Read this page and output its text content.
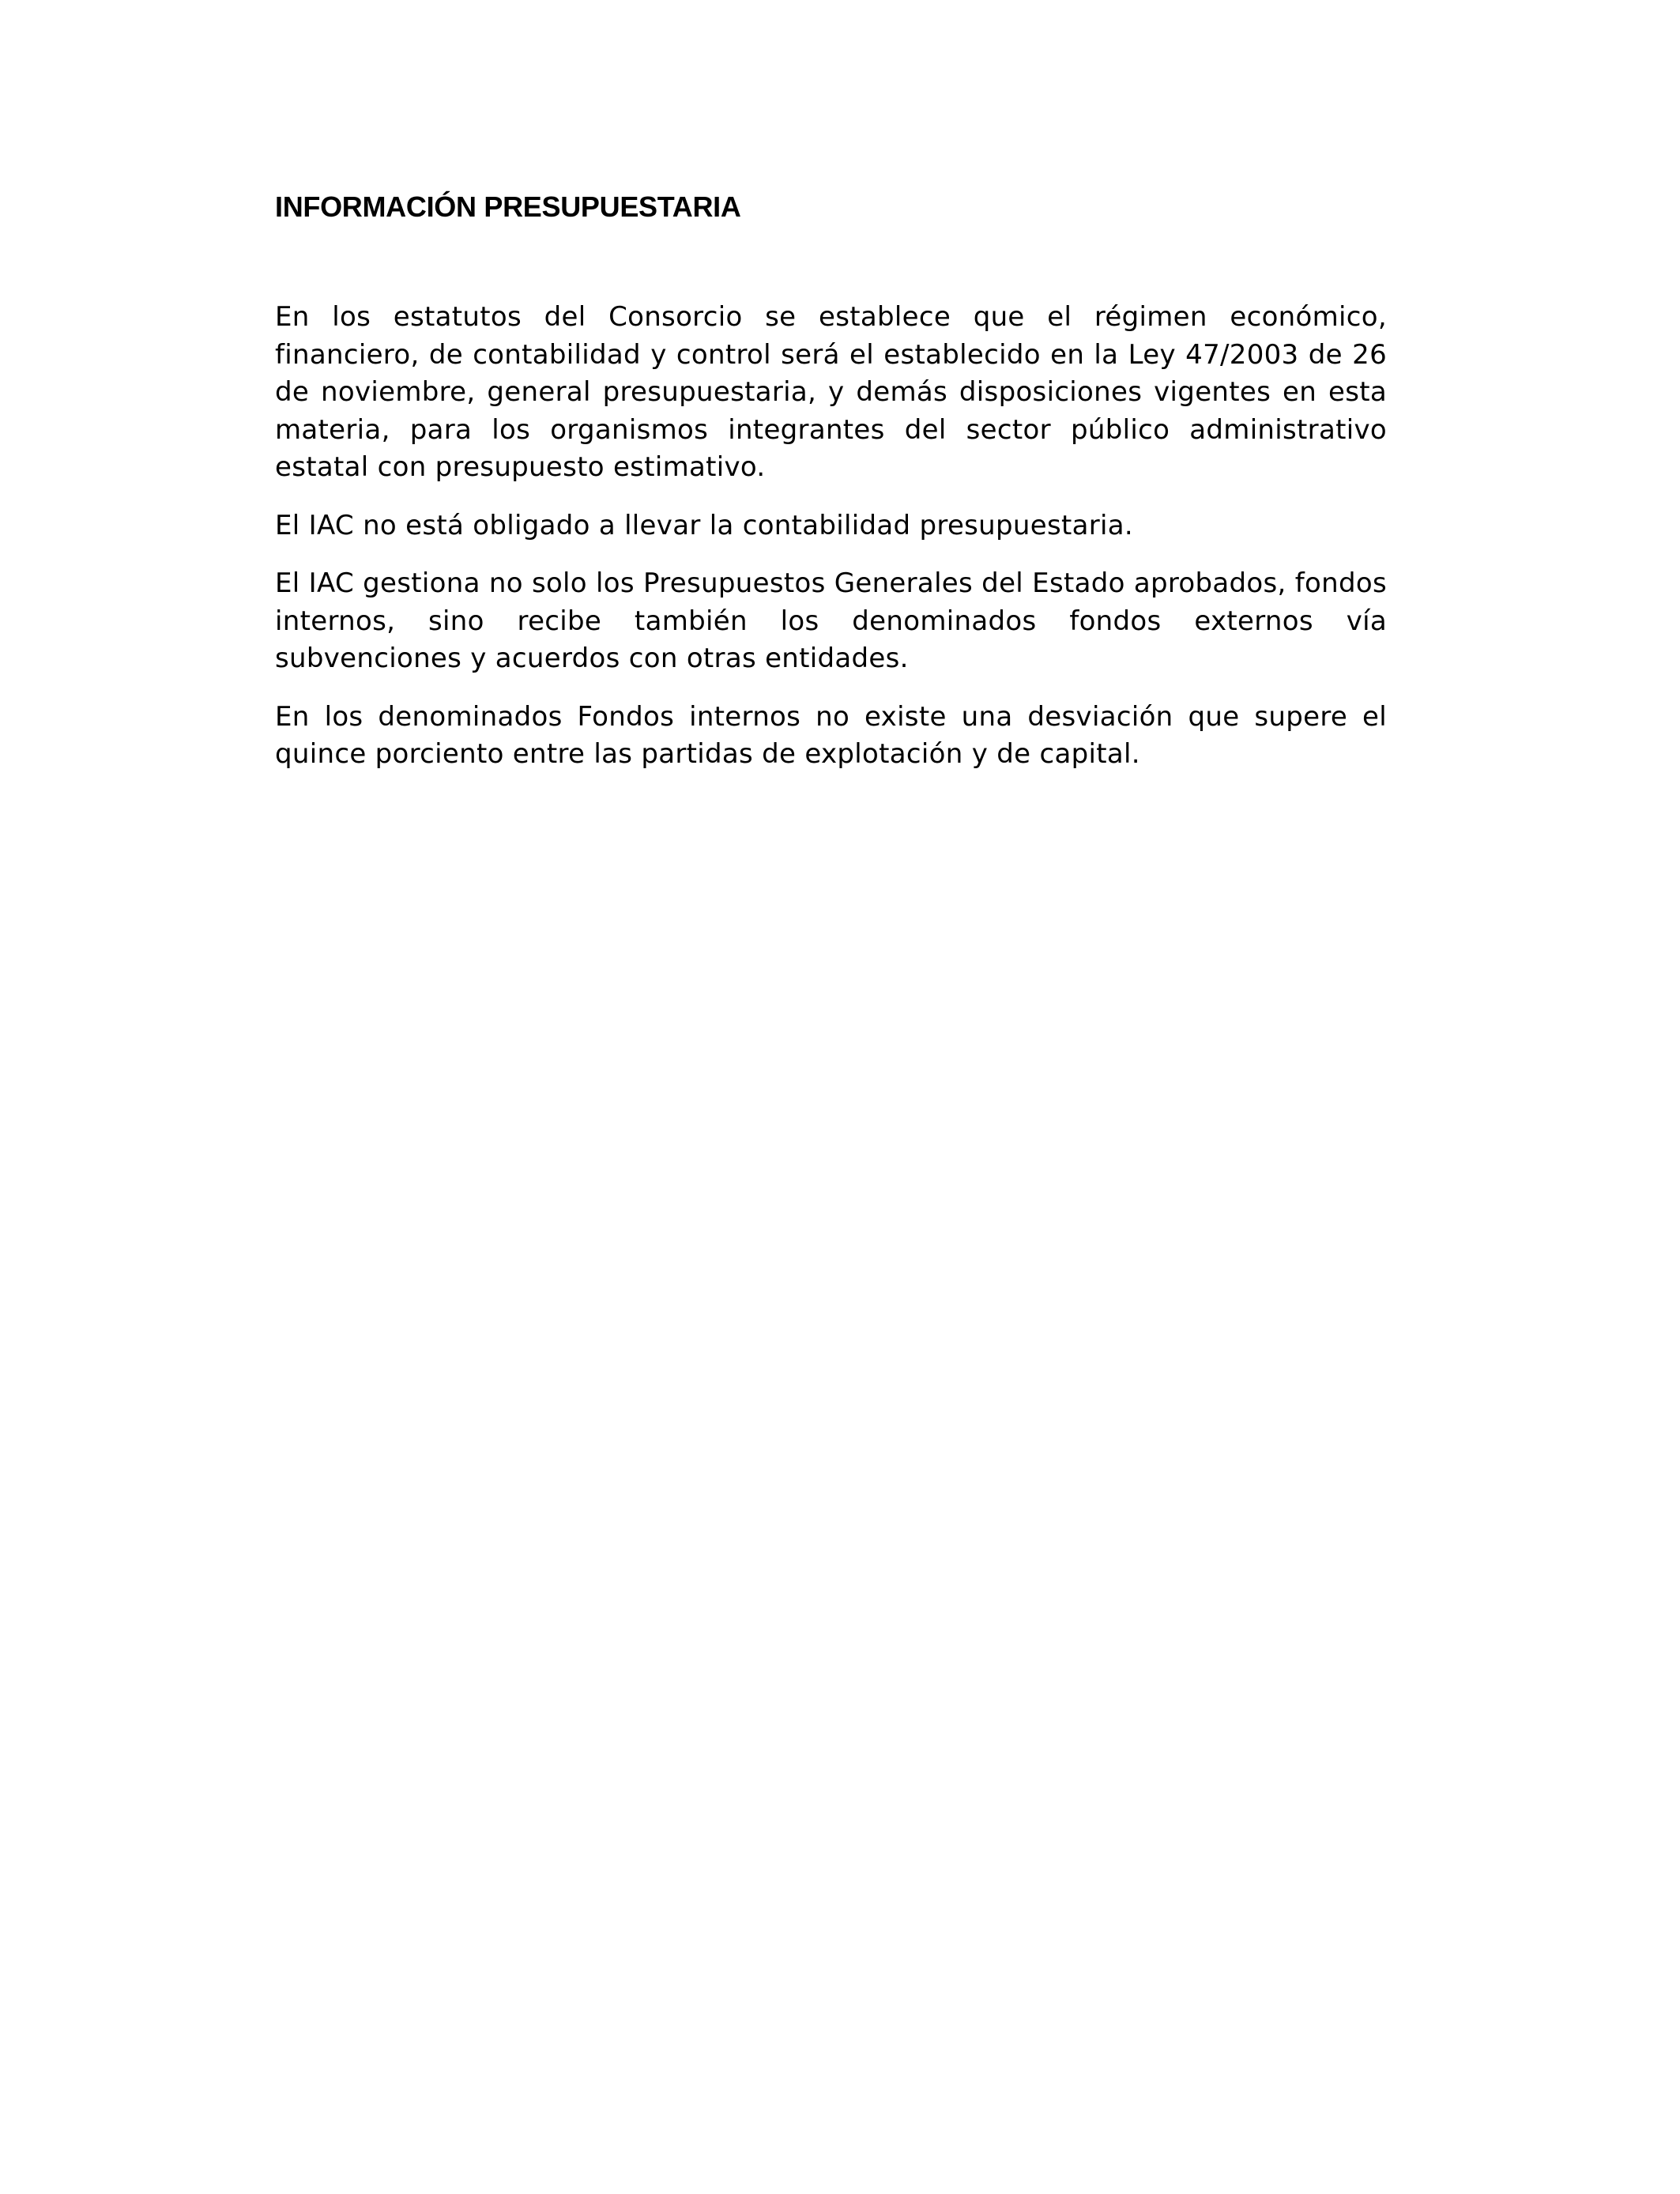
INFORMACIÓN PRESUPUESTARIA

En los estatutos del Consorcio se establece que el régimen económico, financiero, de contabilidad y control será el establecido en la Ley 47/2003 de 26 de noviembre, general presupuestaria, y demás disposiciones vigentes en esta materia, para los organismos integrantes del sector público administrativo estatal con presupuesto estimativo.

El IAC no está obligado a llevar la contabilidad presupuestaria.

El IAC gestiona no solo los Presupuestos Generales del Estado aprobados, fondos internos, sino recibe también los denominados fondos externos vía subvenciones y acuerdos con otras entidades.

En los denominados Fondos internos no existe una desviación que supere el quince porciento entre las partidas de explotación y de capital.
